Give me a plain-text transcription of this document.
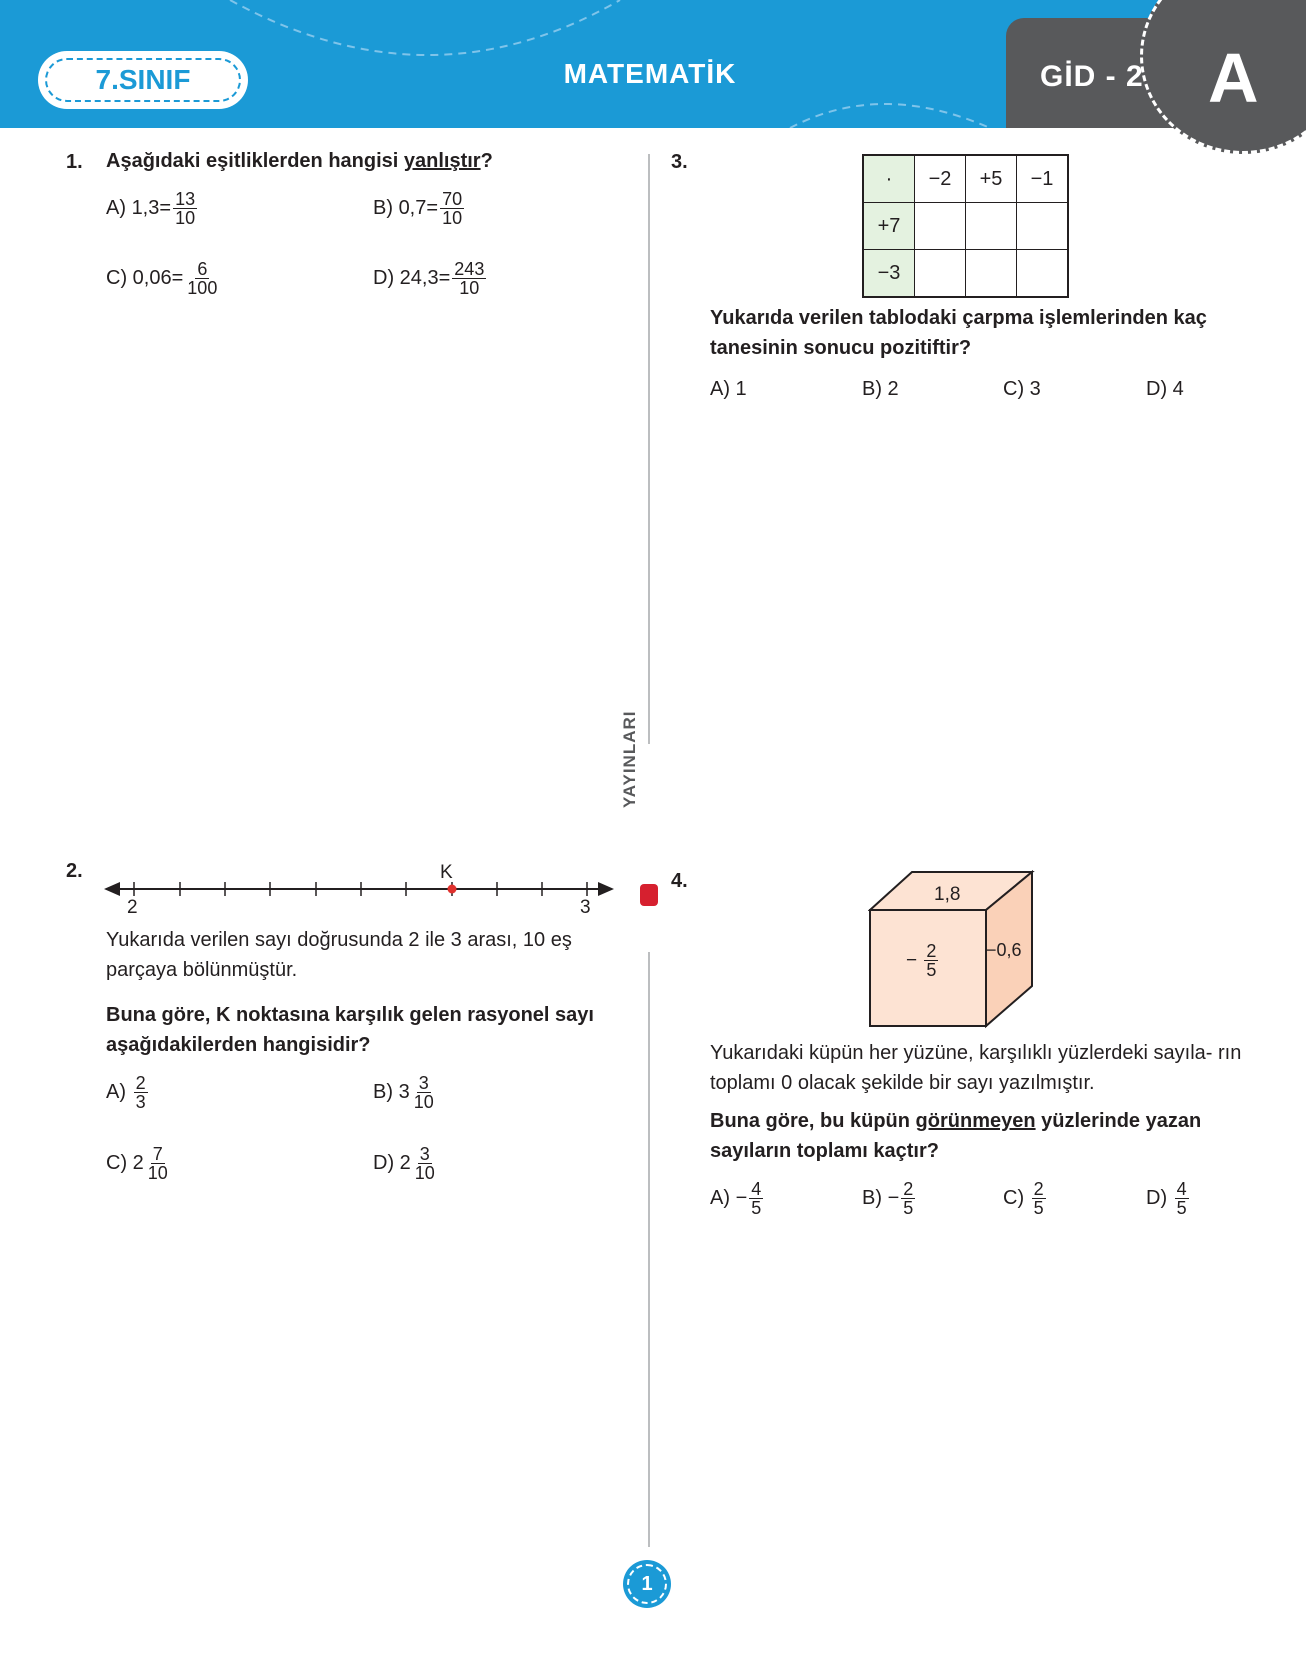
7.SINIF	MATEMATİK	GİD - 2 A
YAYINLARI
1
1. Aşağıdaki eşitliklerden hangisi yanlıştır?
A)
$1,3 = \frac{13}{10}$	B)
$0,7 = \frac{70}{10}$
C)
$0,06 = \frac{6}{100}$	D)
$24,3 = \frac{243}{10}$
2.	K
2	3
Yukarıda verilen sayı doğrusunda 2 ile 3 arası, 10 eş parçaya bölünmüştür.
Buna göre, K noktasına karşılık gelen rasyonel sayı aşağıdakilerden hangisidir?
A)
$\frac{2}{3}$	B)
$3 \frac{3}{10}$
C)
$2 \frac{7}{10}$	D)
$2 \frac{3}{10}$
3.
·	−2	+5	−1
+7			
−3			
Yukarıda verilen tablodaki çarpma işlemlerinden kaç tanesinin sonucu pozitiftir?
A) 1	B) 2	C) 3	D) 4
4.
1,8
−0,6
−
$\frac{2}{5}$
Yukarıdaki küpün her yüzüne, karşılıklı yüzlerdeki sayıla- rın toplamı 0 olacak şekilde bir sayı yazılmıştır.
Buna göre, bu küpün görünmeyen yüzlerinde yazan sayıların toplamı kaçtır?
A)
− $\frac{4}{5}$	B)
− $\frac{2}{5}$	C)
$\frac{2}{5}$	D)
$\frac{4}{5}$
